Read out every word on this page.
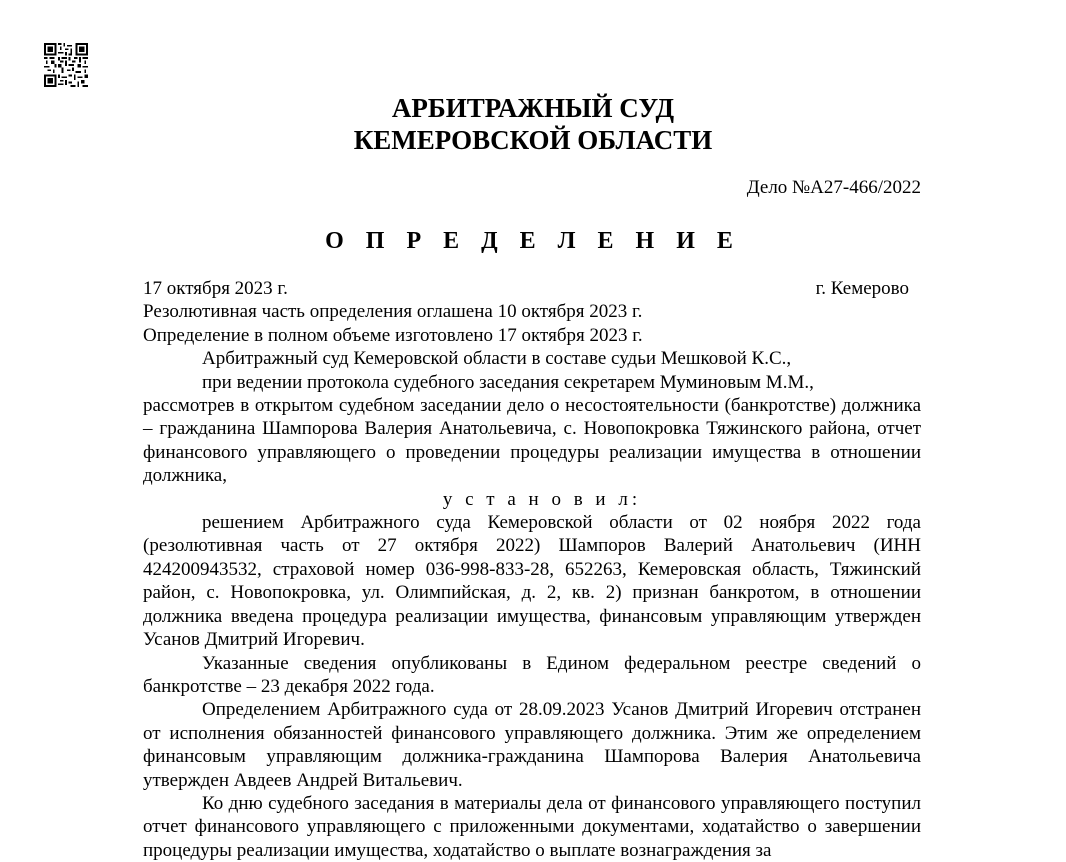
АРБИТРАЖНЫЙ СУД
КЕМЕРОВСКОЙ ОБЛАСТИ
Дело №А27-466/2022
О П Р Е Д Е Л Е Н И Е
17 октября 2023 г.	г. Кемерово
Резолютивная часть определения оглашена 10 октября 2023 г.
Определение в полном объеме изготовлено 17 октября 2023 г.
Арбитражный суд Кемеровской области в составе судьи Мешковой К.С.,
при ведении протокола судебного заседания секретарем Муминовым М.М.,

рассмотрев в открытом судебном заседании дело о несостоятельности (банкротстве) должника – гражданина Шампорова Валерия Анатольевича, с. Новопокровка Тяжинского района, отчет финансового управляющего о проведении процедуры реализации имущества в отношении должника,

у с т а н о в и л:

решением Арбитражного суда Кемеровской области от 02 ноября 2022 года (резолютивная часть от 27 октября 2022) Шампоров Валерий Анатольевич (ИНН 424200943532, страховой номер 036-998-833-28, 652263, Кемеровская область, Тяжинский район, с. Новопокровка, ул. Олимпийская, д. 2, кв. 2) признан банкротом, в отношении должника введена процедура реализации имущества, финансовым управляющим утвержден Усанов Дмитрий Игоревич.

Указанные сведения опубликованы в Едином федеральном реестре сведений о банкротстве – 23 декабря 2022 года.

Определением Арбитражного суда от 28.09.2023 Усанов Дмитрий Игоревич отстранен от исполнения обязанностей финансового управляющего должника. Этим же определением финансовым управляющим должника-гражданина Шампорова Валерия Анатольевича утвержден Авдеев Андрей Витальевич.

Ко дню судебного заседания в материалы дела от финансового управляющего поступил отчет финансового управляющего с приложенными документами, ходатайство о завершении процедуры реализации имущества, ходатайство о выплате вознаграждения за
